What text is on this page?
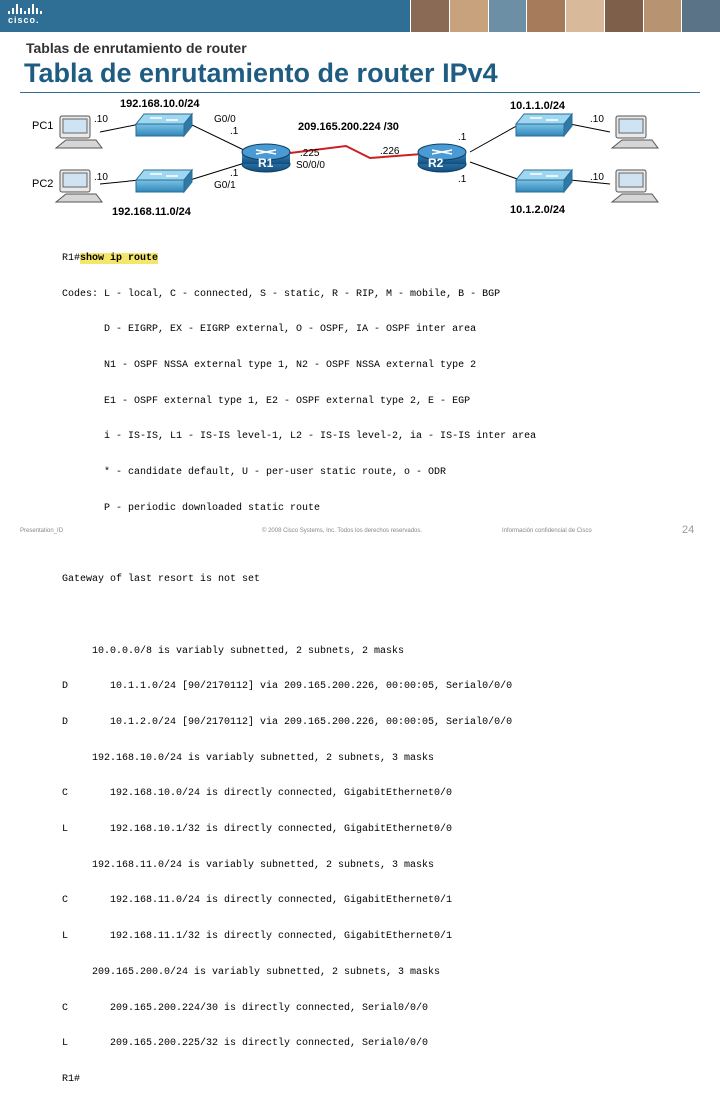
cisco.
Tablas de enrutamiento de router
Tabla de enrutamiento de router IPv4
192.168.10.0/24	10.1.1.0/24
192.168.11.0/24	10.1.2.0/24
209.165.200.224 /30
PC1
PC2
.10
.10
.10
.10
G0/0
.1
.1
G0/1
.225
S0/0/0
.226
.1
.1
R1	R2

R1#show ip route

Codes: L - local, C - connected, S - static, R - RIP, M - mobile, B - BGP

D - EIGRP, EX - EIGRP external, O - OSPF, IA - OSPF inter area

N1 - OSPF NSSA external type 1, N2 - OSPF NSSA external type 2

E1 - OSPF external type 1, E2 - OSPF external type 2, E - EGP

i - IS-IS, L1 - IS-IS level-1, L2 - IS-IS level-2, ia - IS-IS inter area

* - candidate default, U - per-user static route, o - ODR

P - periodic downloaded static route

Gateway of last resort is not set

10.0.0.0/8 is variably subnetted, 2 subnets, 2 masks

D   10.1.1.0/24 [90/2170112] via 209.165.200.226, 00:00:05, Serial0/0/0

D   10.1.2.0/24 [90/2170112] via 209.165.200.226, 00:00:05, Serial0/0/0

192.168.10.0/24 is variably subnetted, 2 subnets, 3 masks

C   192.168.10.0/24 is directly connected, GigabitEthernet0/0

L   192.168.10.1/32 is directly connected, GigabitEthernet0/0

192.168.11.0/24 is variably subnetted, 2 subnets, 3 masks

C   192.168.11.0/24 is directly connected, GigabitEthernet0/1

L   192.168.11.1/32 is directly connected, GigabitEthernet0/1

209.165.200.0/24 is variably subnetted, 2 subnets, 3 masks

C   209.165.200.224/30 is directly connected, Serial0/0/0

L   209.165.200.225/32 is directly connected, Serial0/0/0

R1#

Presentation_ID	© 2008 Cisco Systems, Inc. Todos los derechos reservados.	Información confidencial de Cisco	24
